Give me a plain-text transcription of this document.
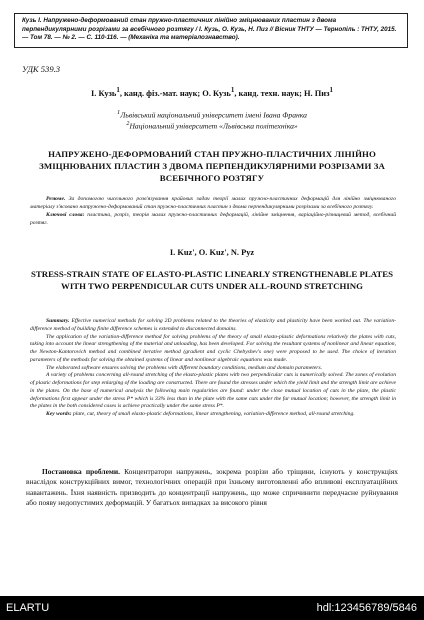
Кузь І. Напружено-деформований стан пружно-пластичних лінійно зміцнюваних пластин з двома перпендикулярними розрізами за всебічного розтягу / І. Кузь, О. Кузь, Н. Пиз // Вісник ТНТУ — Тернопіль : ТНТУ, 2015. — Том 78. — № 2. — С. 110-116. — (Механіка та матеріалознавство).
УДК 539.3
І. Кузь$^1$, канд. фіз.-мат. наук; О. Кузь$^1$, канд. техн. наук; Н. Пиз$^1$
$^1$Львівський національний університет імені Івана Франка
$^2$Національний університет «Львівська політехніка»
НАПРУЖЕНО-ДЕФОРМОВАНИЙ СТАН ПРУЖНО-ПЛАСТИЧНИХ ЛІНІЙНО ЗМІЦНЮВАНИХ ПЛАСТИН З ДВОМА ПЕРПЕНДИКУЛЯРНИМИ РОЗРІЗАМИ ЗА ВСЕБІЧНОГО РОЗТЯГУ
Резюме. За допомогою чисельного розв'язування крайових задач теорії малих пружно-пластичних деформацій для лінійно зміцнюваного матеріалу з'ясовано напружено-деформований стан пружно-пластичних пластин з двома перпендикулярними розрізами за всебічного розтягу.
Ключові слова: пластина, розріз, теорія малих пружно-пластичних деформацій, лінійне зміцнення, варіаційно-різницевий метод, всебічний розтяг.
I. Kuz', O. Kuz', N. Pyz
STRESS-STRAIN STATE OF ELASTO-PLASTIC LINEARLY STRENGTHENABLE PLATES WITH TWO PERPENDICULAR CUTS UNDER ALL-ROUND STRETCHING

Summary. Effective numerical methods for solving 2D problems related to the theories of elasticity and plasticity have been worked out. The variation-difference method of building finite difference schemes is extended to disconnected domains.

The application of the variation-difference method for solving problems of the theory of small elasto-plastic deformations relatively the plates with cuts, taking into account the linear strengthening of the material and unloading, has been developed. For solving the resultant systems of nonlinear and linear equation, the Newton-Kantorovich method and combined iterative method (gradient and cyclic Chebyshev's one) were proposed to be used. The choice of iteration parameters of the methods for solving the obtained systems of linear and nonlinear algebraic equations was made.

The elaborated software ensures solving the problems with different boundary conditions, medium and domain parameters.

A variety of problems concerning all-round stretching of the elasto-plastic plates with two perpendicular cuts is numerically solved. The zones of evolution of plastic deformations for step enlarging of the loading are constructed. There are found the stresses under which the yield limit and the strength limit are achieve in the plates. On the base of numerical analysis the following main regularities are found: under the close mutual location of cuts in the plate, the plastic deformations first appear under the stress P* which is 33% less than in the plate with the same cuts under the far mutual location; however, the strength limit in the plates in the both considered cases is achieve practically under the same stress P*.

Key words: plate, cut, theory of small elasto-plastic deformations, linear strengthening, variation-difference method, all-round stretching.

Постановка проблеми. Концентратори напружень, зокрема розрізи або тріщини, існують у конструкціях внаслідок конструкційних вимог, технологічних операцій при їхньому виготовленні або впливові експлуатаційних навантажень. Їхня наявність призводить до концентрації напружень, що може спричинити передчасне руйнування або появу недопустимих деформацій. У багатьох випадках за високого рівня

ELARTU	hdl:123456789/5846
